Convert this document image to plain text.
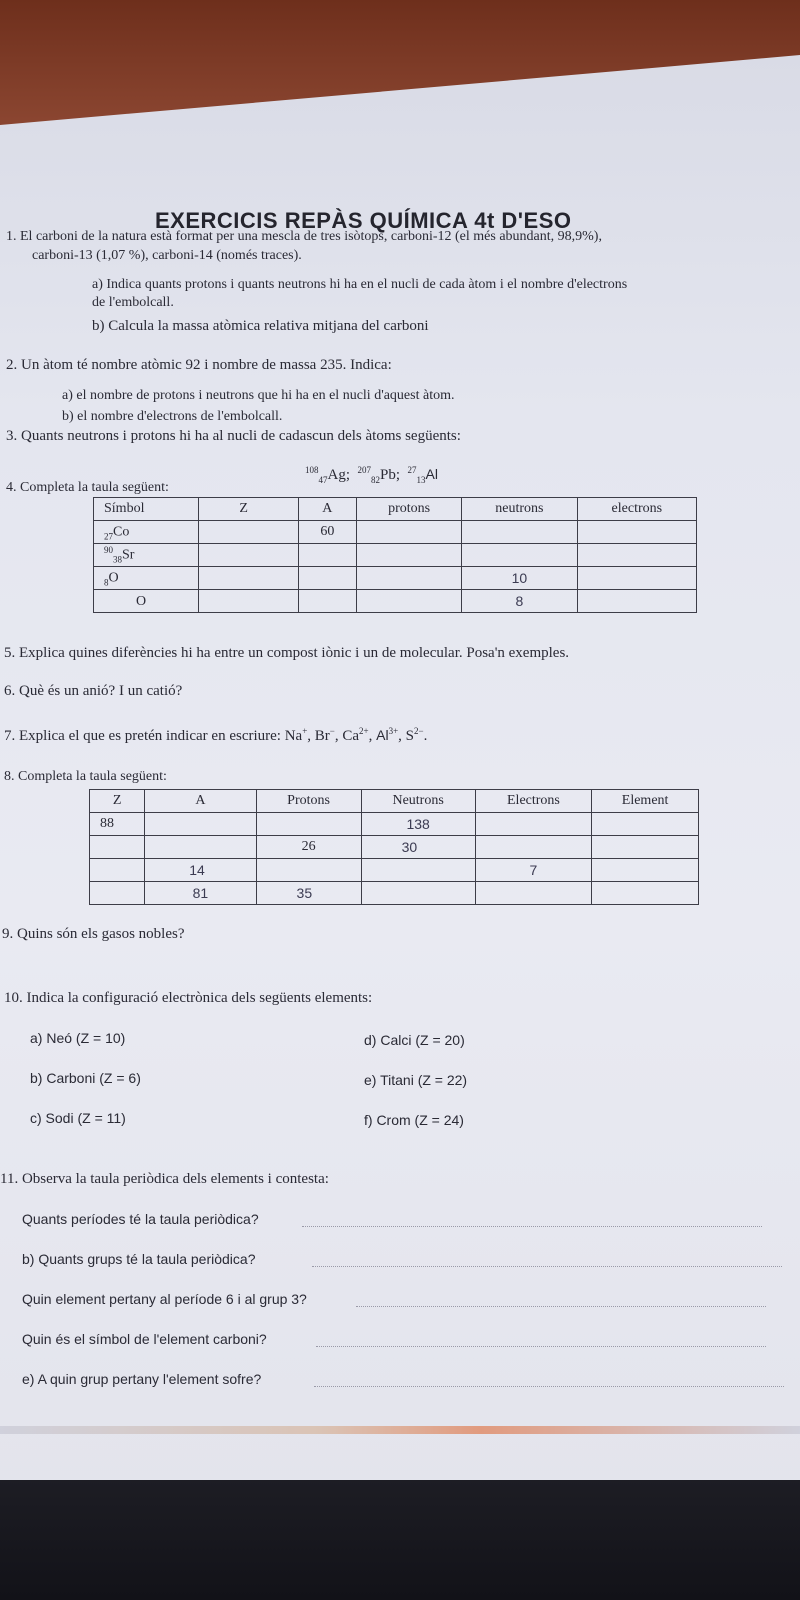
EXERCICIS REPÀS QUÍMICA 4t D'ESO
1. El carboni de la natura està format per una mescla de tres isòtops, carboni-12 (el més abundant, 98,9%),
carboni-13 (1,07 %), carboni-14 (només traces).
a) Indica quants protons i quants neutrons hi ha en el nucli de cada àtom i el nombre d'electrons
de l'embolcall.
b) Calcula la massa atòmica relativa mitjana del carboni
2. Un àtom té nombre atòmic 92 i nombre de massa 235. Indica:
a) el nombre de protons i neutrons que hi ha en el nucli d'aquest àtom.
b) el nombre d'electrons de l'embolcall.
3. Quants neutrons i protons hi ha al nucli de cadascun dels àtoms següents:
$^{108}_{47}$Ag;  $^{207}_{82}$Pb;  $^{27}_{13}$Al
4. Completa la taula següent:
Símbol	Z	A	protons	neutrons	electrons
$_{27}$Co		60			
$^{90}_{38}$Sr					
$_8$O				10	
O				8	
5. Explica quines diferències hi ha entre un compost iònic i un de molecular. Posa'n exemples.
6. Què és un anió? I un catió?
7. Explica el que es pretén indicar en escriure: Na+, Br−, $Ca^{2+}$, $Al^{3+}$, $S^{2-}$.
8. Completa la taula següent:
Z	A	Protons	Neutrons	Electrons	Element
88			138		
		26	30		
	14			7	
	81	35			
9. Quins són els gasos nobles?
10. Indica la configuració electrònica dels següents elements:
a) Neó (Z = 10)
b) Carboni (Z = 6)
c) Sodi (Z = 11)
d) Calci (Z = 20)
e) Titani (Z = 22)
f) Crom (Z = 24)
11. Observa la taula periòdica dels elements i contesta:
Quants períodes té la taula periòdica?
b) Quants grups té la taula periòdica?
Quin element pertany al període 6 i al grup 3?
Quin és el símbol de l'element carboni?
e) A quin grup pertany l'element sofre?
